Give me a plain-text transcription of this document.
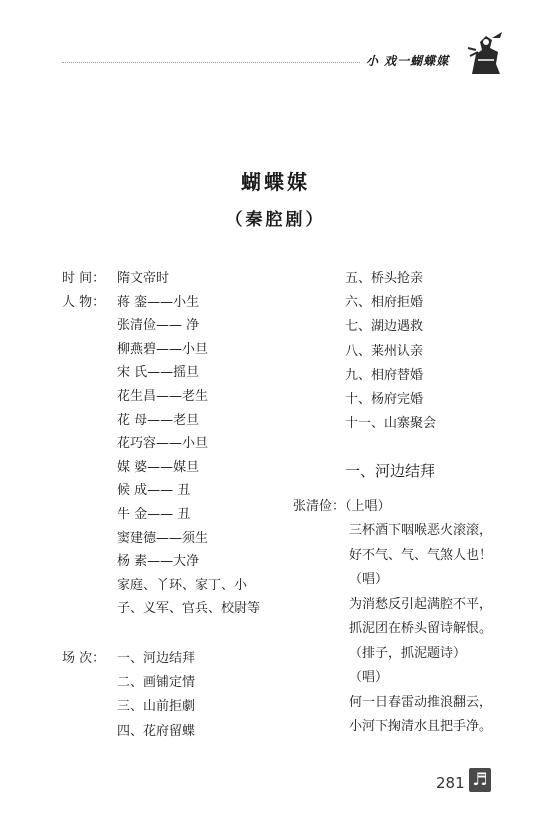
小 戏一蝴蝶媒
蝴蝶媒
（秦腔剧）
时 间：
人 物：
场 次：
隋文帝时
蒋 銮——小生
张清俭—— 净
柳燕碧——小旦
宋 氏——摇旦
花生昌——老生
花 母——老旦
花巧容——小旦
媒 婆——媒旦
候 成—— 丑
牛 金—— 丑
窦建德——须生
杨 素——大净
家庭、丫环、家丁、小子、义军、官兵、校尉等
一、河边结拜
二、画铺定情
三、山前拒劇
四、花府留蝶
五、桥头抢亲
六、相府拒婚
七、湖边遇救
八、莱州认亲
九、相府替婚
十、杨府完婚
十一、山寨聚会
一、河边结拜
张清俭：（上唱）
三杯酒下咽喉恶火滚滚，
好不气、气、气煞人也！
（唱）
为消愁反引起满腔不平，
抓泥团在桥头留诗解恨。
（排子，抓泥题诗）
（唱）
何一日春雷动推浪翻云，
小河下掬清水且把手净。
281 ♬
